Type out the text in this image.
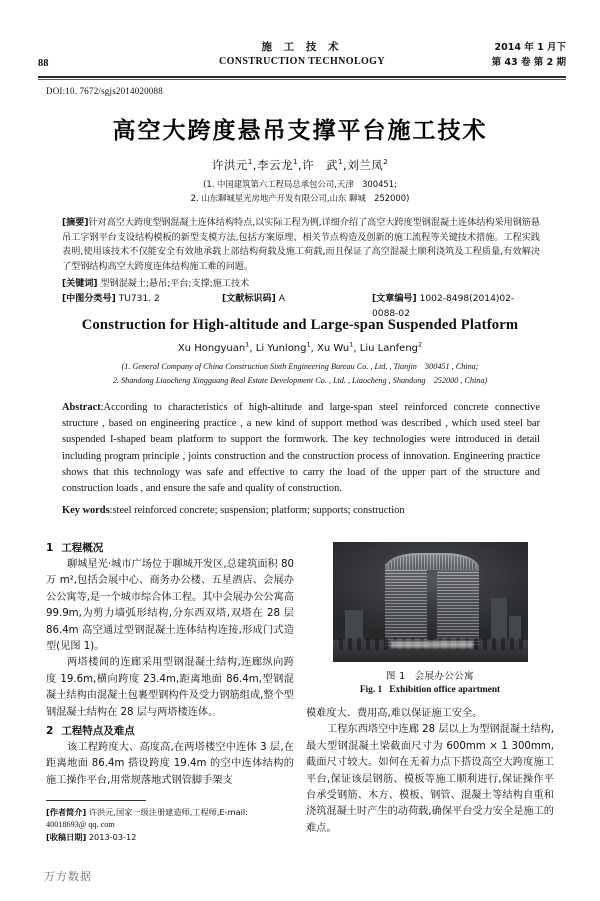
施 工 技 术
CONSTRUCTION TECHNOLOGY
88
2014 年 1 月下
第 43 卷 第 2 期
DOI:10. 7672/sgjs2014020088
高空大跨度悬吊支撑平台施工技术
许洪元$^1$,李云龙$^1$,许　武$^1$,刘兰凤$^2$
(1. 中国建筑第六工程局总承包公司,天津　300451;
2. 山东聊城星光房地产开发有限公司,山东 聊城　252000)
[摘要]针对高空大跨度型钢混凝土连体结构特点,以实际工程为例,详细介绍了高空大跨度型钢混凝土连体结构采用钢筋悬吊工字钢平台支设结构模板的新型支模方法,包括方案原理、相关节点构造及创新的施工流程等关键技术措施。工程实践表明,使用该技术不仅能安全有效地承载上部结构荷载及施工荷载,而且保证了高空混凝土顺利浇筑及工程质量,有效解决了型钢结构高空大跨度连体结构施工难的问题。
[关键词] 型钢混凝土;悬吊;平台;支撑;施工技术
[中图分类号] TU731. 2	[文献标识码] A	[文章编号] 1002-8498(2014)02-0088-02
Construction for High-altitude and Large-span Suspended Platform
Xu Hongyuan$^1$, Li Yunlong$^1$, Xu Wu$^1$, Liu Lanfeng$^2$
(1. General Company of China Construction Sixth Engineering Bureau Co. , Ltd. , Tianjin　300451 , China;
2. Shandong Liaocheng Xingguang Real Estate Development Co. , Ltd. , Liaocheng , Shandong　252000 , China)
Abstract:According to characteristics of high-altitude and large-span steel reinforced concrete connective structure , based on engineering practice , a new kind of support method was described , which used steel bar suspended I-shaped beam platform to support the formwork. The key technologies were introduced in detail including program principle , joints construction and the construction process of innovation. Engineering practice shows that this technology was safe and effective to carry the load of the upper part of the structure and construction loads , and ensure the safe and quality of construction.
Key words:steel reinforced concrete; suspension; platform; supports; construction
1 工程概况

聊城星光·城市广场位于聊城开发区,总建筑面积 80 万 m²,包括会展中心、商务办公楼、五星酒店、会展办公公寓等,是一个城市综合体工程。其中会展办公公寓高 99.9m,为剪力墙弧形结构,分东西双塔,双塔在 28 层 86.4m 高空通过型钢混凝土连体结构连接,形成门式造型(见图 1)。

两塔楼间的连廊采用型钢混凝土结构,连廊纵向跨度 19.6m,横向跨度 23.4m,距离地面 86.4m,型钢混凝土结构由混凝土包裹型钢构件及受力钢筋组成,整个型钢混凝土结构在 28 层与两塔楼连体。

2 工程特点及难点

该工程跨度大、高度高,在两塔楼空中连体 3 层,在距离地面 86.4m 搭设跨度 19.4m 的空中连体结构的施工操作平台,用常规落地式钢管脚手架支

图 1 会展办公公寓
Fig. 1 Exhibition office apartment

模难度大、费用高,难以保证施工安全。

工程东西塔空中连廊 28 层以上为型钢混凝土结构,最大型钢混凝土梁截面尺寸为 600mm × 1 300mm,截面尺寸较大。如何在无着力点下搭设高空大跨度施工平台,保证该层钢筋、模板等施工顺利进行,保证操作平台承受钢筋、木方、模板、钢管、混凝土等结构自重和浇筑混凝土时产生的动荷载,确保平台受力安全是施工的难点。

[作者简介] 许洪元,国家一级注册建造师,工程师,E-mail:
40018693@ qq. com
[收稿日期] 2013-03-12
万方数据
